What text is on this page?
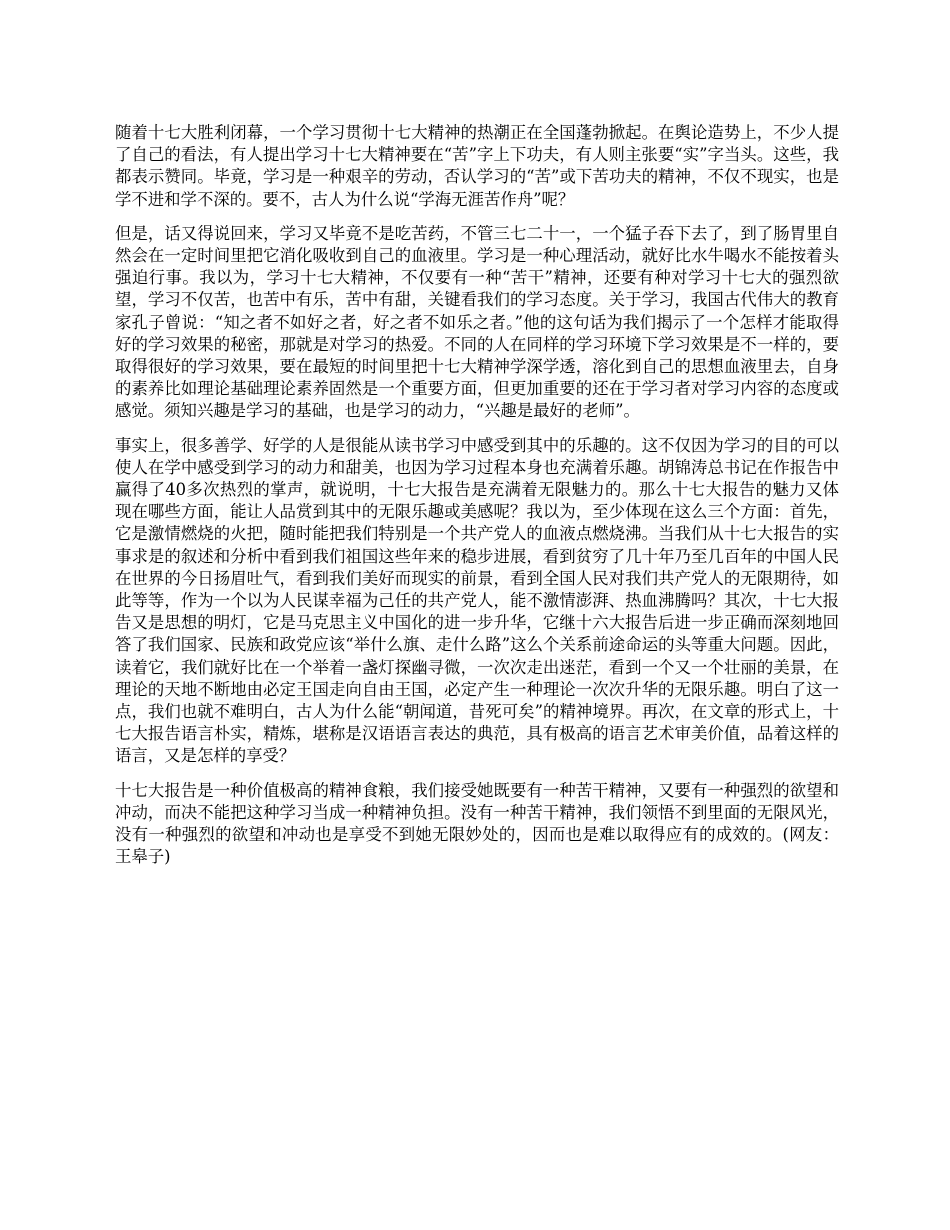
随着十七大胜利闭幕，一个学习贯彻十七大精神的热潮正在全国蓬勃掀起。在舆论造势上，不少人提了自己的看法，有人提出学习十七大精神要在“苦”字上下功夫，有人则主张要“实”字当头。这些，我都表示赞同。毕竟，学习是一种艰辛的劳动，否认学习的“苦”或下苦功夫的精神，不仅不现实，也是学不进和学不深的。要不，古人为什么说“学海无涯苦作舟”呢？

但是，话又得说回来，学习又毕竟不是吃苦药，不管三七二十一，一个猛子吞下去了，到了肠胃里自然会在一定时间里把它消化吸收到自己的血液里。学习是一种心理活动，就好比水牛喝水不能按着头强迫行事。我以为，学习十七大精神，不仅要有一种“苦干”精神，还要有种对学习十七大的强烈欲望，学习不仅苦，也苦中有乐，苦中有甜，关键看我们的学习态度。关于学习，我国古代伟大的教育家孔子曾说：“知之者不如好之者，好之者不如乐之者。”他的这句话为我们揭示了一个怎样才能取得好的学习效果的秘密，那就是对学习的热爱。不同的人在同样的学习环境下学习效果是不一样的，要取得很好的学习效果，要在最短的时间里把十七大精神学深学透，溶化到自己的思想血液里去，自身的素养比如理论基础理论素养固然是一个重要方面，但更加重要的还在于学习者对学习内容的态度或感觉。须知兴趣是学习的基础，也是学习的动力，“兴趣是最好的老师”。

事实上，很多善学、好学的人是很能从读书学习中感受到其中的乐趣的。这不仅因为学习的目的可以使人在学中感受到学习的动力和甜美，也因为学习过程本身也充满着乐趣。胡锦涛总书记在作报告中赢得了40多次热烈的掌声，就说明，十七大报告是充满着无限魅力的。那么十七大报告的魅力又体现在哪些方面，能让人品赏到其中的无限乐趣或美感呢？我以为，至少体现在这么三个方面：首先，它是激情燃烧的火把，随时能把我们特别是一个共产党人的血液点燃烧沸。当我们从十七大报告的实事求是的叙述和分析中看到我们祖国这些年来的稳步进展，看到贫穷了几十年乃至几百年的中国人民在世界的今日扬眉吐气，看到我们美好而现实的前景，看到全国人民对我们共产党人的无限期待，如此等等，作为一个以为人民谋幸福为己任的共产党人，能不激情澎湃、热血沸腾吗？其次，十七大报告又是思想的明灯，它是马克思主义中国化的进一步升华，它继十六大报告后进一步正确而深刻地回答了我们国家、民族和政党应该“举什么旗、走什么路”这么个关系前途命运的头等重大问题。因此，读着它，我们就好比在一个举着一盏灯探幽寻微，一次次走出迷茫，看到一个又一个壮丽的美景，在理论的天地不断地由必定王国走向自由王国，必定产生一种理论一次次升华的无限乐趣。明白了这一点，我们也就不难明白，古人为什么能“朝闻道，昔死可矣”的精神境界。再次，在文章的形式上，十七大报告语言朴实，精炼，堪称是汉语语言表达的典范，具有极高的语言艺术审美价值，品着这样的语言，又是怎样的享受？

十七大报告是一种价值极高的精神食粮，我们接受她既要有一种苦干精神，又要有一种强烈的欲望和冲动，而决不能把这种学习当成一种精神负担。没有一种苦干精神，我们领悟不到里面的无限风光，没有一种强烈的欲望和冲动也是享受不到她无限妙处的，因而也是难以取得应有的成效的。(网友：王皋子)
